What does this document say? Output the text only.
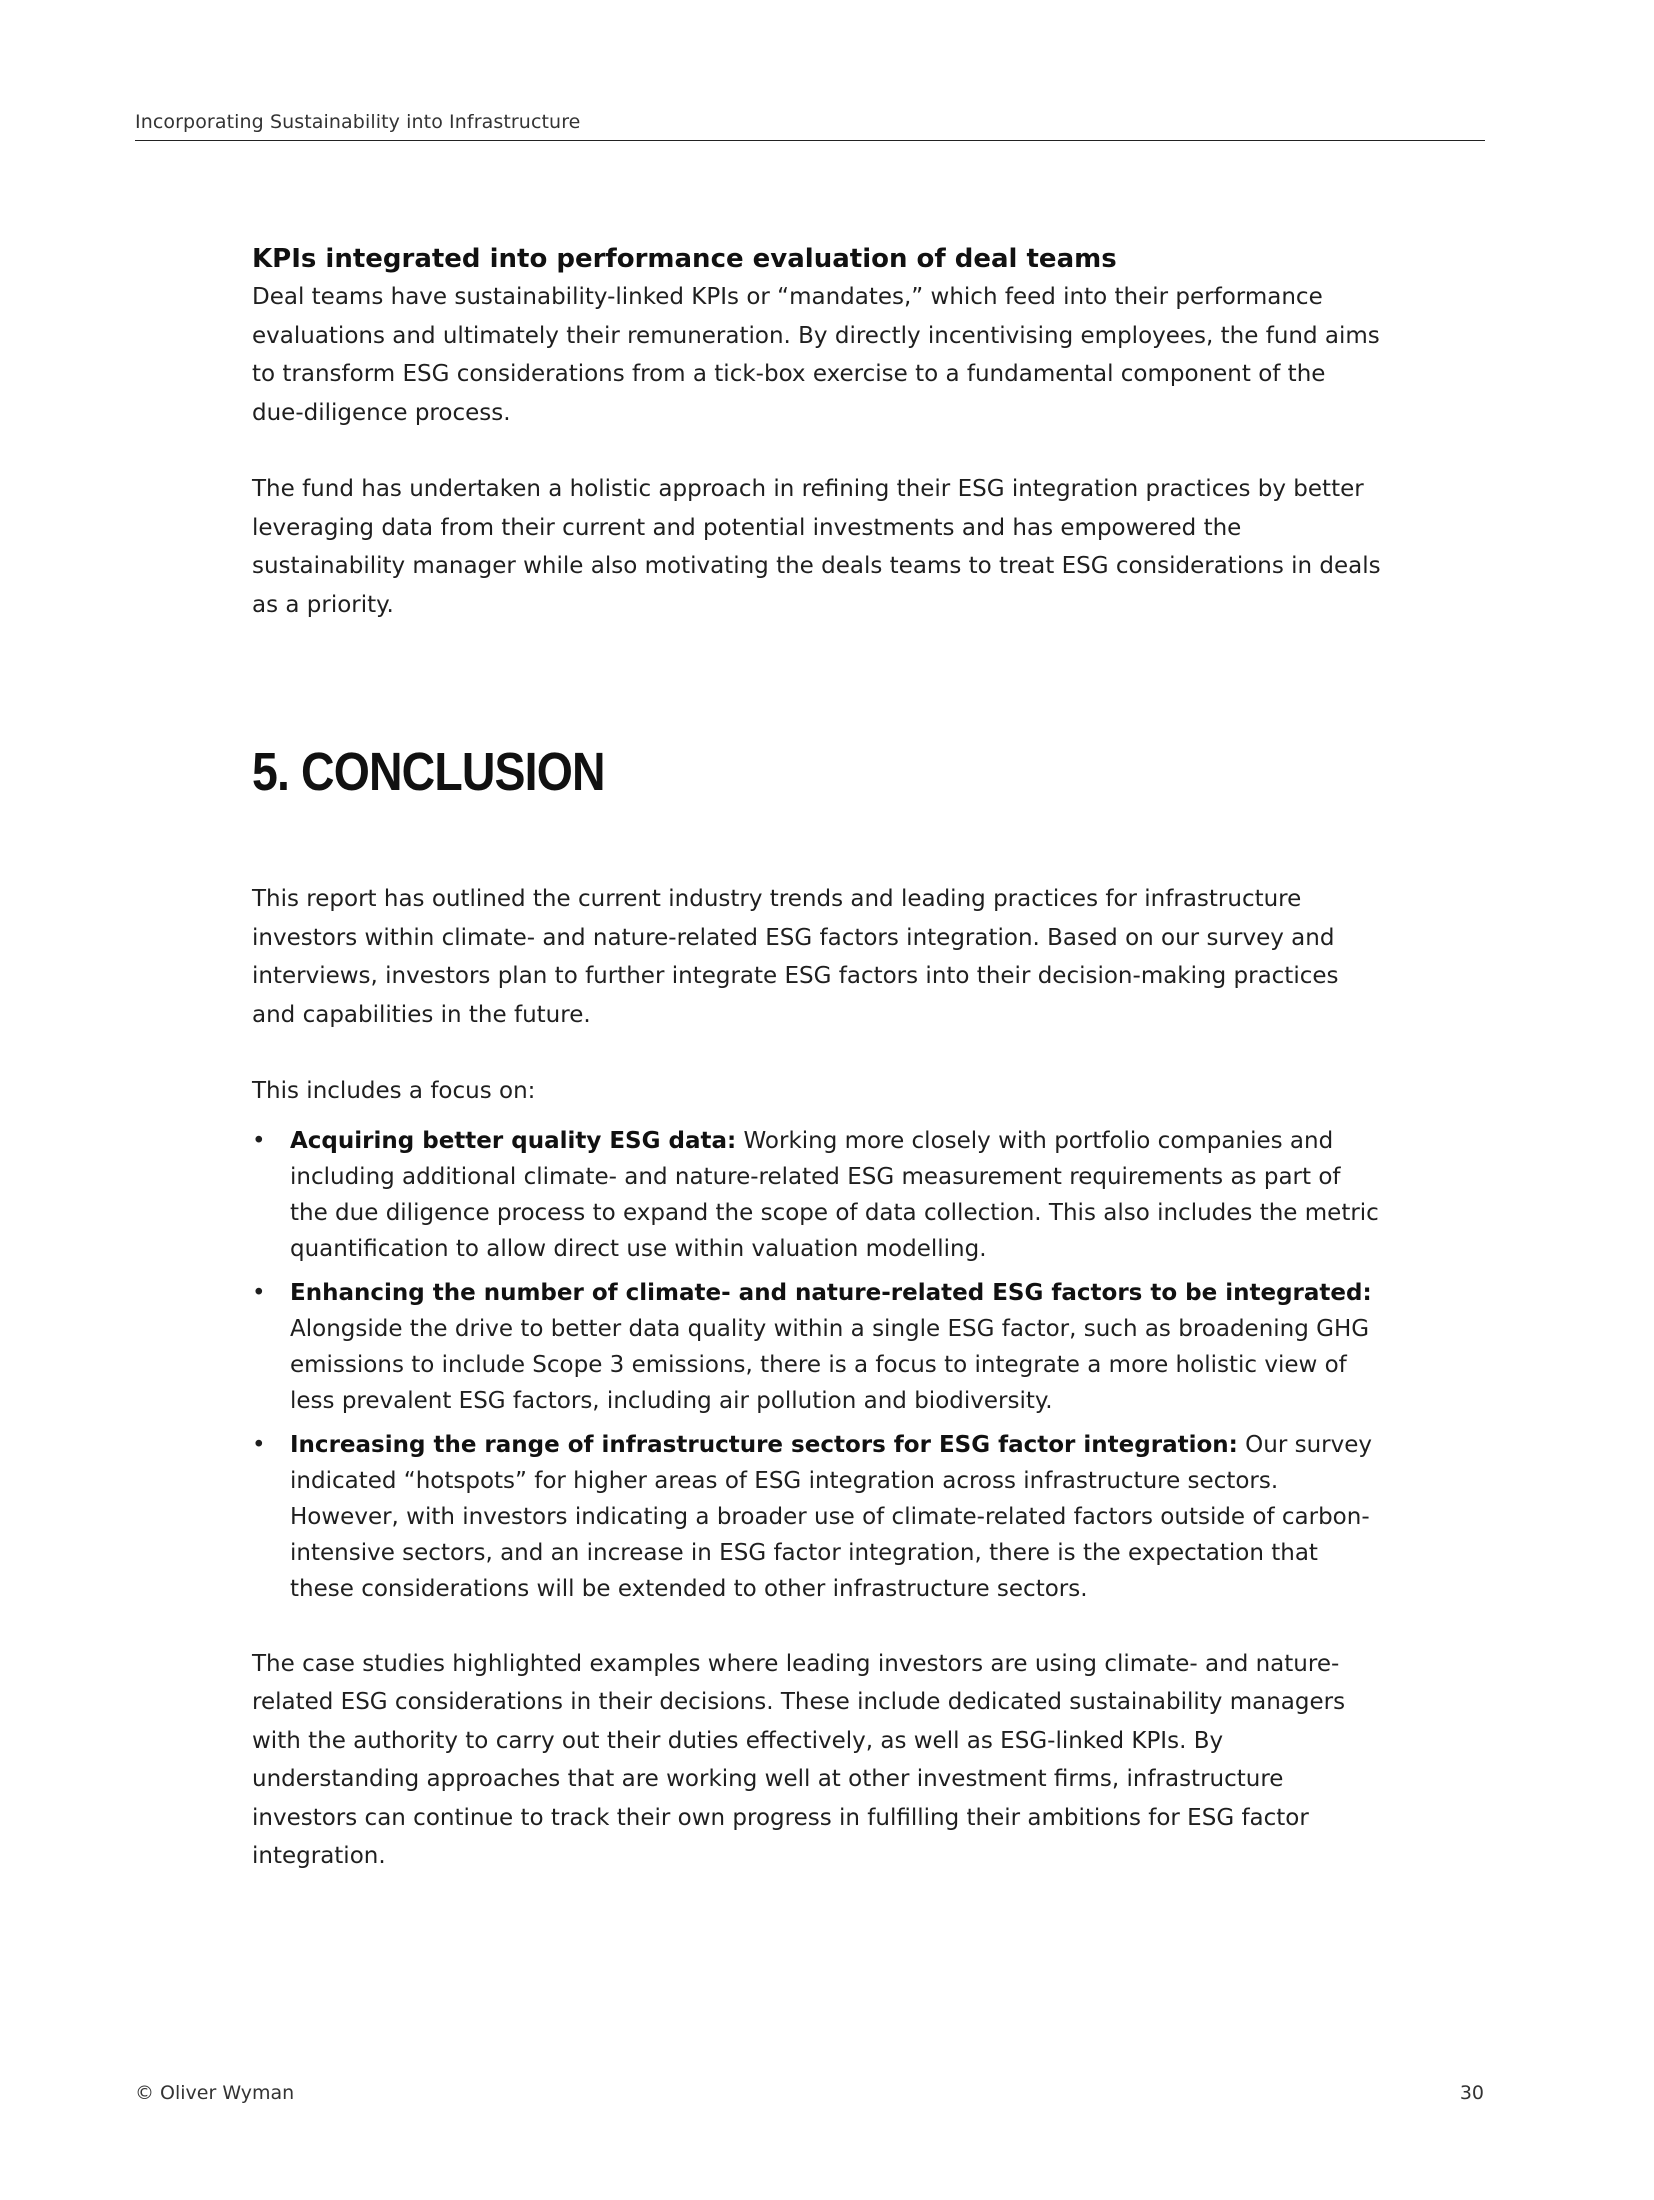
Incorporating Sustainability into Infrastructure
KPIs integrated into performance evaluation of deal teams

Deal teams have sustainability-linked KPIs or “mandates,” which feed into their performance evaluations and ultimately their remuneration. By directly incentivising employees, the fund aims to transform ESG considerations from a tick-box exercise to a fundamental component of the due-diligence process.

The fund has undertaken a holistic approach in refining their ESG integration practices by better leveraging data from their current and potential investments and has empowered the sustainability manager while also motivating the deals teams to treat ESG considerations in deals as a priority.

5. CONCLUSION

This report has outlined the current industry trends and leading practices for infrastructure investors within climate- and nature-related ESG factors integration. Based on our survey and interviews, investors plan to further integrate ESG factors into their decision-making practices and capabilities in the future.

This includes a focus on:

• Acquiring better quality ESG data: Working more closely with portfolio companies and including additional climate- and nature-related ESG measurement requirements as part of the due diligence process to expand the scope of data collection. This also includes the metric quantification to allow direct use within valuation modelling.
• Enhancing the number of climate- and nature-related ESG factors to be integrated: Alongside the drive to better data quality within a single ESG factor, such as broadening GHG emissions to include Scope 3 emissions, there is a focus to integrate a more holistic view of less prevalent ESG factors, including air pollution and biodiversity.
• Increasing the range of infrastructure sectors for ESG factor integration: Our survey indicated “hotspots” for higher areas of ESG integration across infrastructure sectors. However, with investors indicating a broader use of climate-related factors outside of carbon-intensive sectors, and an increase in ESG factor integration, there is the expectation that these considerations will be extended to other infrastructure sectors.

The case studies highlighted examples where leading investors are using climate- and nature-related ESG considerations in their decisions. These include dedicated sustainability managers with the authority to carry out their duties effectively, as well as ESG-linked KPIs. By understanding approaches that are working well at other investment firms, infrastructure investors can continue to track their own progress in fulfilling their ambitions for ESG factor integration.

© Oliver Wyman	30
